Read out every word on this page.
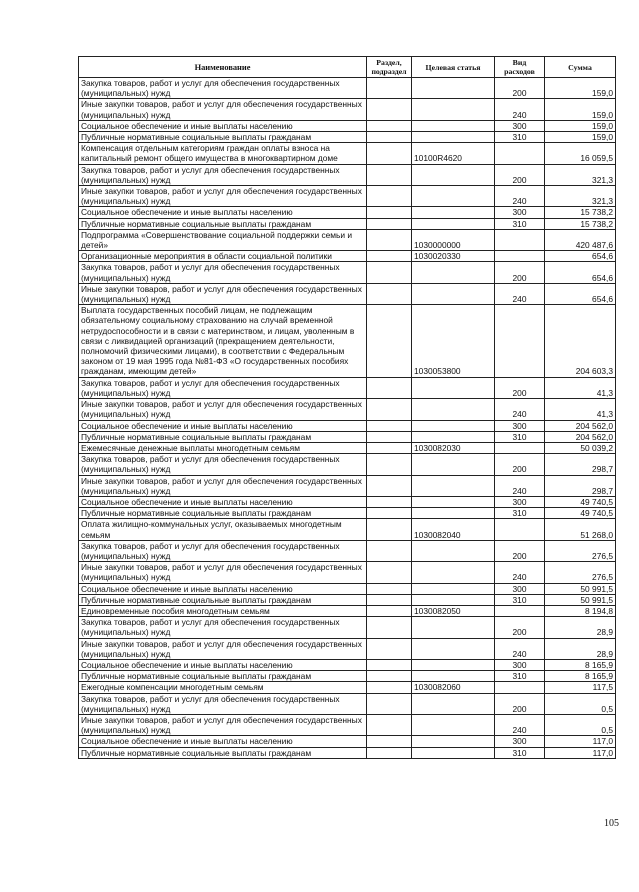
Наименование	Раздел, подраздел	Целевая статья	Вид расходов	Сумма
Закупка товаров, работ и услуг для обеспечения государственных (муниципальных) нужд			200	159,0
Иные закупки товаров, работ и услуг для обеспечения государственных (муниципальных) нужд			240	159,0
Социальное обеспечение и иные выплаты населению			300	159,0
Публичные нормативные социальные выплаты гражданам			310	159,0
Компенсация отдельным категориям граждан оплаты взноса на капитальный ремонт общего имущества в многоквартирном доме		10100R4620		16 059,5
Закупка товаров, работ и услуг для обеспечения государственных (муниципальных) нужд			200	321,3
Иные закупки товаров, работ и услуг для обеспечения государственных (муниципальных) нужд			240	321,3
Социальное обеспечение и иные выплаты населению			300	15 738,2
Публичные нормативные социальные выплаты гражданам			310	15 738,2
Подпрограмма «Совершенствование социальной поддержки семьи и детей»		1030000000		420 487,6
Организационные мероприятия в области социальной политики		1030020330		654,6
Закупка товаров, работ и услуг для обеспечения государственных (муниципальных) нужд			200	654,6
Иные закупки товаров, работ и услуг для обеспечения государственных (муниципальных) нужд			240	654,6
Выплата государственных пособий лицам, не подлежащим обязательному социальному страхованию на случай временной нетрудоспособности и в связи с материнством, и лицам, уволенным в связи с ликвидацией организаций (прекращением деятельности, полномочий физическими лицами), в соответствии с Федеральным законом от 19 мая 1995 года №81-ФЗ «О государственных пособиях гражданам, имеющим детей»		1030053800		204 603,3
Закупка товаров, работ и услуг для обеспечения государственных (муниципальных) нужд			200	41,3
Иные закупки товаров, работ и услуг для обеспечения государственных (муниципальных) нужд			240	41,3
Социальное обеспечение и иные выплаты населению			300	204 562,0
Публичные нормативные социальные выплаты гражданам			310	204 562,0
Ежемесячные денежные выплаты многодетным семьям		1030082030		50 039,2
Закупка товаров, работ и услуг для обеспечения государственных (муниципальных) нужд			200	298,7
Иные закупки товаров, работ и услуг для обеспечения государственных (муниципальных) нужд			240	298,7
Социальное обеспечение и иные выплаты населению			300	49 740,5
Публичные нормативные социальные выплаты гражданам			310	49 740,5
Оплата жилищно-коммунальных услуг, оказываемых многодетным семьям		1030082040		51 268,0
Закупка товаров, работ и услуг для обеспечения государственных (муниципальных) нужд			200	276,5
Иные закупки товаров, работ и услуг для обеспечения государственных (муниципальных) нужд			240	276,5
Социальное обеспечение и иные выплаты населению			300	50 991,5
Публичные нормативные социальные выплаты гражданам			310	50 991,5
Единовременные пособия многодетным семьям		1030082050		8 194,8
Закупка товаров, работ и услуг для обеспечения государственных (муниципальных) нужд			200	28,9
Иные закупки товаров, работ и услуг для обеспечения государственных (муниципальных) нужд			240	28,9
Социальное обеспечение и иные выплаты населению			300	8 165,9
Публичные нормативные социальные выплаты гражданам			310	8 165,9
Ежегодные компенсации многодетным семьям		1030082060		117,5
Закупка товаров, работ и услуг для обеспечения государственных (муниципальных) нужд			200	0,5
Иные закупки товаров, работ и услуг для обеспечения государственных (муниципальных) нужд			240	0,5
Социальное обеспечение и иные выплаты населению			300	117,0
Публичные нормативные социальные выплаты гражданам			310	117,0
105
